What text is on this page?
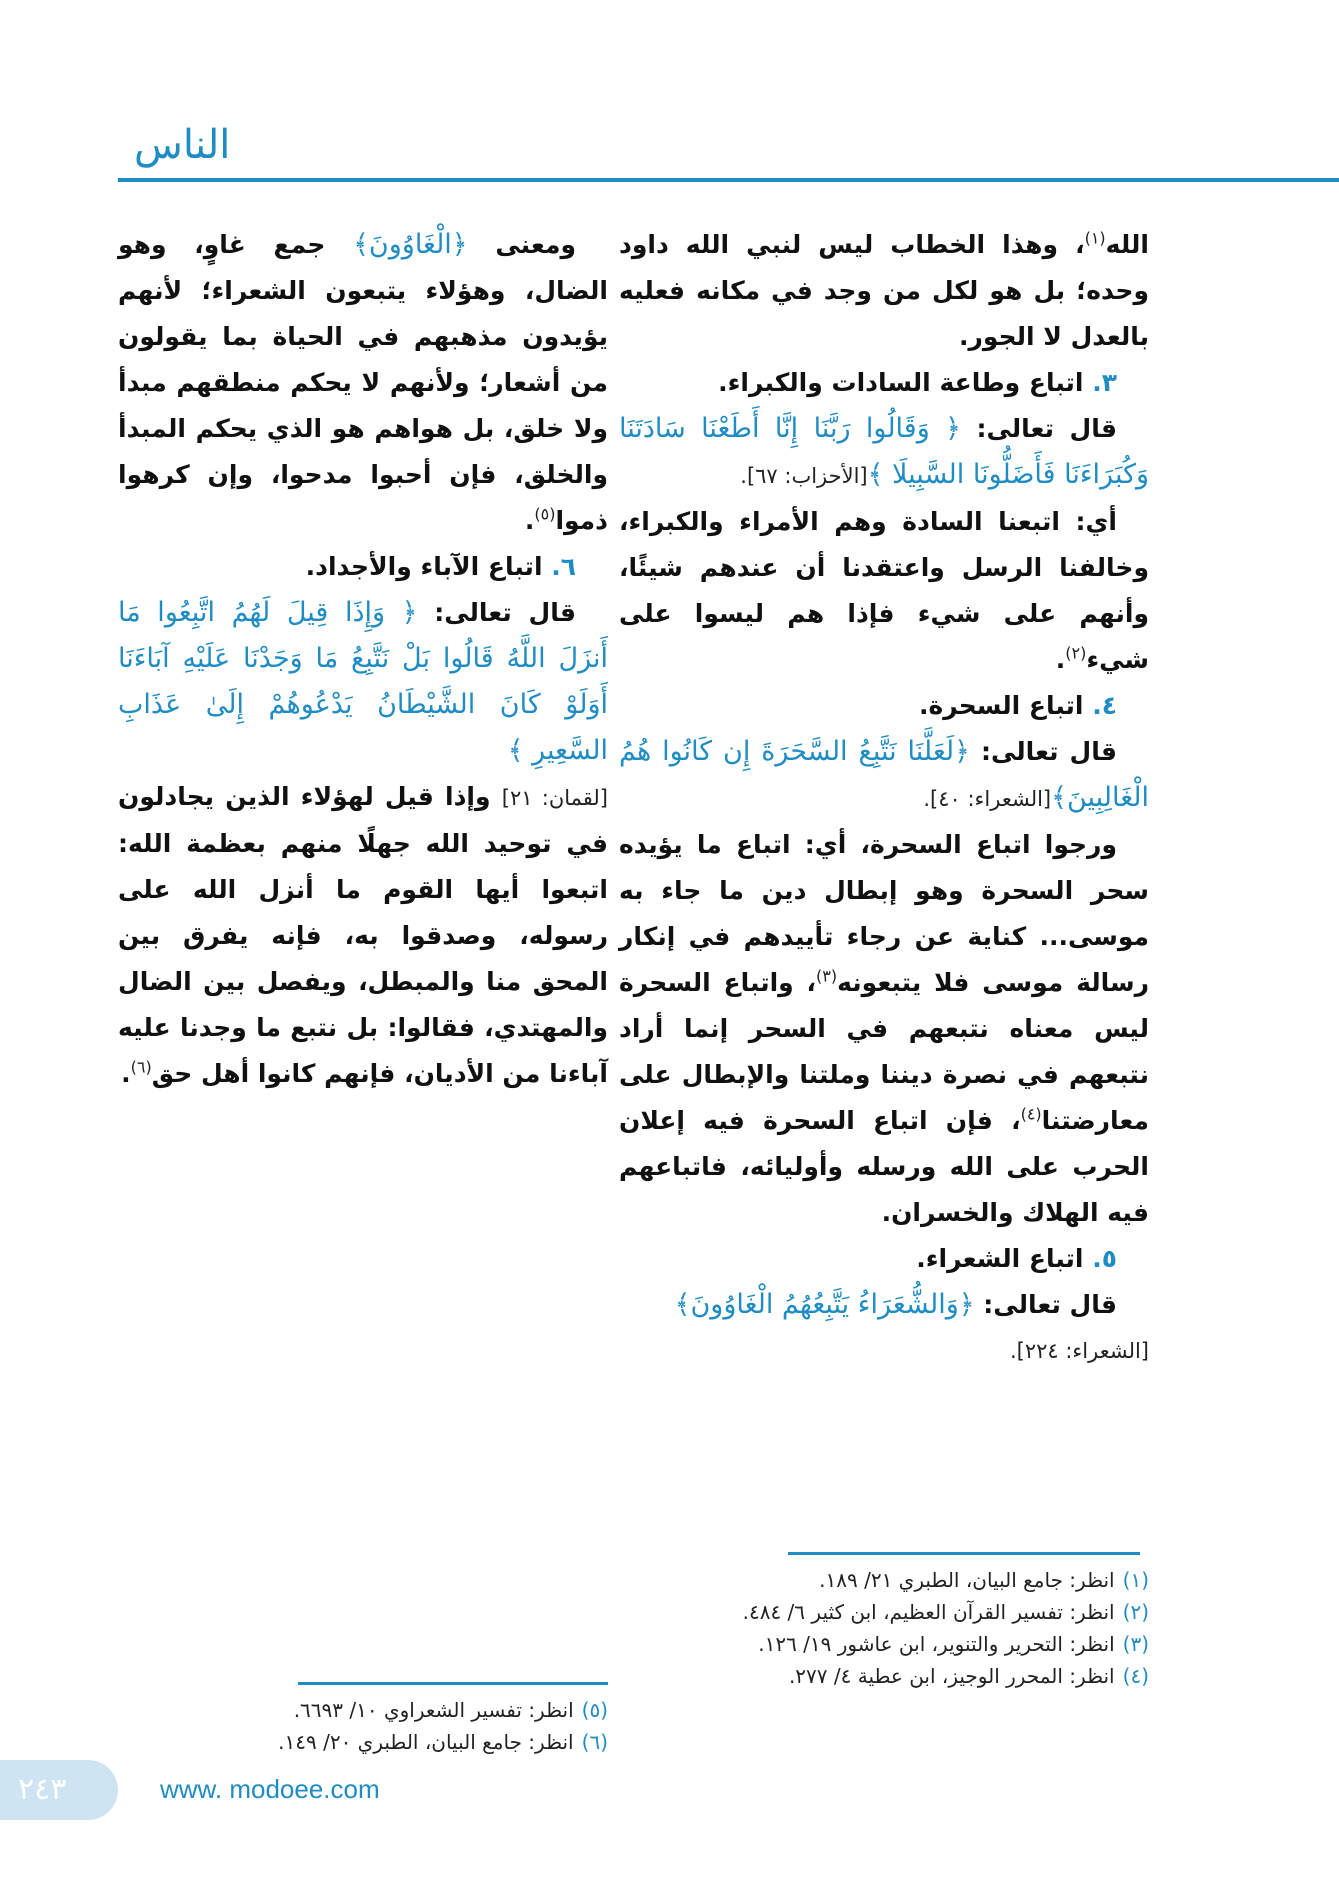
الناس

الله$^{(١)}$، وهذا الخطاب ليس لنبي الله داود وحده؛ بل هو لكل من وجد في مكانه فعليه بالعدل لا الجور.

٣. اتباع وطاعة السادات والكبراء.

قال تعالى: ﴿ وَقَالُوا رَبَّنَا إِنَّا أَطَعْنَا سَادَتَنَا وَكُبَرَاءَنَا فَأَضَلُّونَا السَّبِيلَا ﴾[الأحزاب: ٦٧].

أي: اتبعنا السادة وهم الأمراء والكبراء، وخالفنا الرسل واعتقدنا أن عندهم شيئًا، وأنهم على شيء فإذا هم ليسوا على شيء$^{(٢)}$.

٤. اتباع السحرة.

قال تعالى: ﴿لَعَلَّنَا نَتَّبِعُ السَّحَرَةَ إِن كَانُوا هُمُ الْغَالِبِينَ﴾[الشعراء: ٤٠].

ورجوا اتباع السحرة، أي: اتباع ما يؤيده سحر السحرة وهو إبطال دين ما جاء به موسى... كناية عن رجاء تأييدهم في إنكار رسالة موسى فلا يتبعونه$^{(٣)}$، واتباع السحرة ليس معناه نتبعهم في السحر إنما أراد نتبعهم في نصرة ديننا وملتنا والإبطال على معارضتنا$^{(٤)}$، فإن اتباع السحرة فيه إعلان الحرب على الله ورسله وأوليائه، فاتباعهم فيه الهلاك والخسران.

٥. اتباع الشعراء.

قال تعالى: ﴿وَالشُّعَرَاءُ يَتَّبِعُهُمُ الْغَاوُونَ﴾

[الشعراء: ٢٢٤].

ومعنى ﴿الْغَاوُونَ﴾ جمع غاوٍ، وهو الضال، وهؤلاء يتبعون الشعراء؛ لأنهم يؤيدون مذهبهم في الحياة بما يقولون من أشعار؛ ولأنهم لا يحكم منطقهم مبدأ ولا خلق، بل هواهم هو الذي يحكم المبدأ والخلق، فإن أحبوا مدحوا، وإن كرهوا ذموا$^{(٥)}$.

٦. اتباع الآباء والأجداد.

قال تعالى: ﴿ وَإِذَا قِيلَ لَهُمُ اتَّبِعُوا مَا أَنزَلَ اللَّهُ قَالُوا بَلْ نَتَّبِعُ مَا وَجَدْنَا عَلَيْهِ آبَاءَنَا أَوَلَوْ كَانَ الشَّيْطَانُ يَدْعُوهُمْ إِلَىٰ عَذَابِ السَّعِيرِ ﴾

[لقمان: ٢١] وإذا قيل لهؤلاء الذين يجادلون في توحيد الله جهلًا منهم بعظمة الله: اتبعوا أيها القوم ما أنزل الله على رسوله، وصدقوا به، فإنه يفرق بين المحق منا والمبطل، ويفصل بين الضال والمهتدي، فقالوا: بل نتبع ما وجدنا عليه آباءنا من الأديان، فإنهم كانوا أهل حق$^{(٦)}$.

(١)انظر: جامع البيان، الطبري ٢١/ ١٨٩.
(٢)انظر: تفسير القرآن العظيم، ابن كثير ٦/ ٤٨٤.
(٣)انظر: التحرير والتنوير، ابن عاشور ١٩/ ١٢٦.
(٤)انظر: المحرر الوجيز، ابن عطية ٤/ ٢٧٧.
(٥)انظر: تفسير الشعراوي ١٠/ ٦٦٩٣.
(٦)انظر: جامع البيان، الطبري ٢٠/ ١٤٩.
٢٤٣	www. modoee.com
